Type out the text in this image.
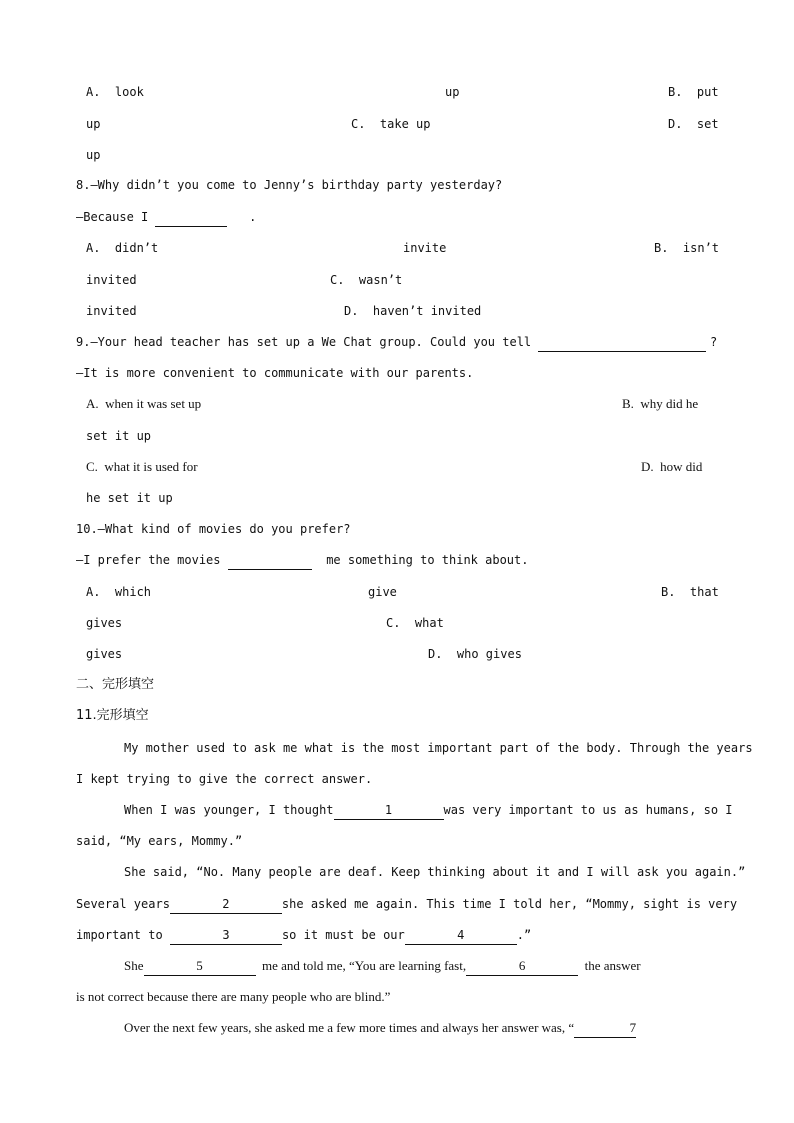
A. look	up	B. put
up	C. take up	D. set
up
8.—Why didn’t you come to Jenny’s birthday party yesterday?
—Because I	.
A. didn’t	invite	B. isn’t
invited	C. wasn’t
invited	D. haven’t invited
9.—Your head teacher has set up a We Chat group. Could you tell	?
—It is more convenient to communicate with our parents.
A. when it was set up	B. why did he
set it up
C. what it is used for	D. how did
he set it up
10.—What kind of movies do you prefer?
—I prefer the movies	me something to think about.
A. which	give	B. that
gives	C. what
gives	D. who gives
二、完形填空
11.完形填空
My mother used to ask me what is the most important part of the body. Through the years
I kept trying to give the correct answer.
When I was younger, I thought	1	was very important to us as humans, so I
said, “My ears, Mommy.”
She said, “No. Many people are deaf. Keep thinking about it and I will ask you again.”
Several years	2	she asked me again. This time I told her, “Mommy, sight is very
important to	3	so it must be our	4	.”
She	5	me and told me, “You are learning fast,	6	the answer
is not correct because there are many people who are blind.”
Over the next few years, she asked me a few more times and always her answer was, “	7
